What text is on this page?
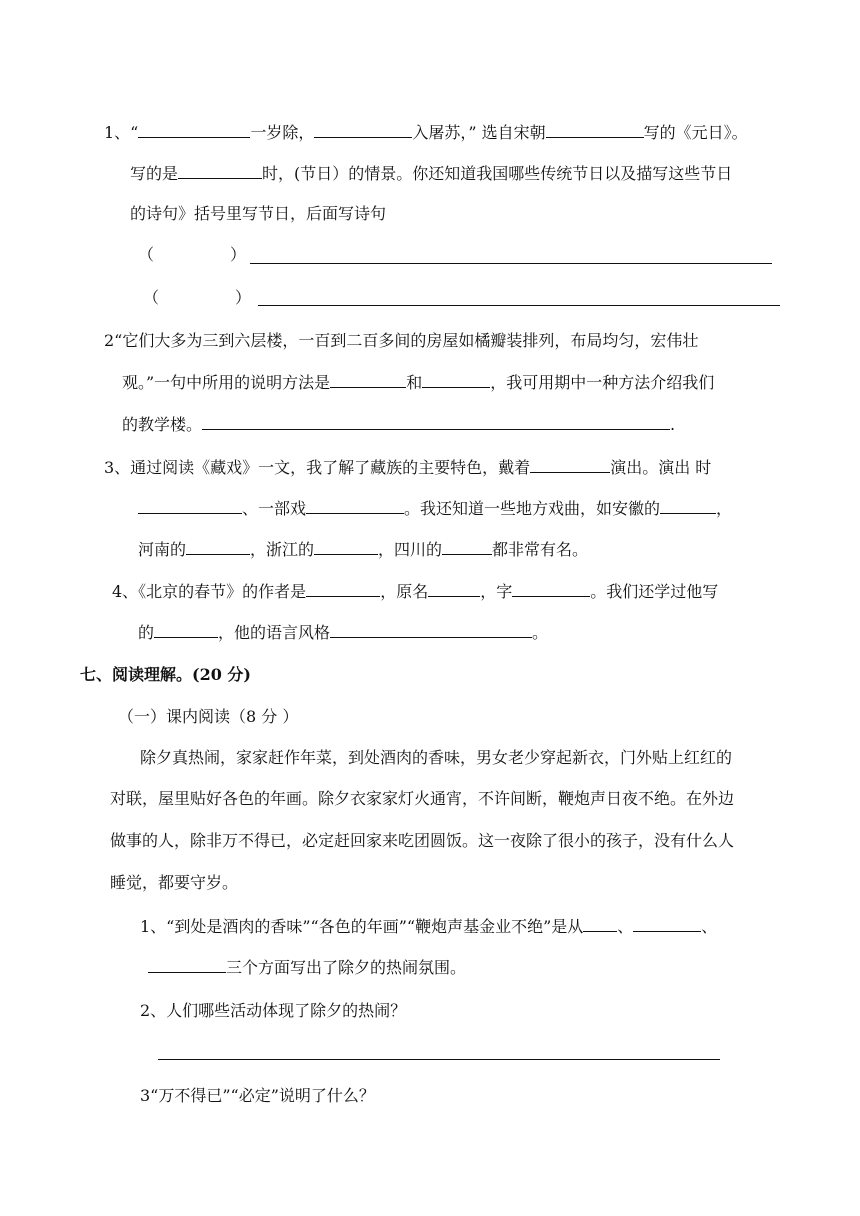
1、“	一岁除，	入屠苏，” 选自宋朝	写的《元日》。
写的是	时，(节日）的情景。你还知道我国哪些传统节日以及描写这些节日
的诗句》括号里写节日，后面写诗句
（	）
（	）
2“它们大多为三到六层楼，一百到二百多间的房屋如橘瓣装排列，布局均匀，宏伟壮
观。”一句中所用的说明方法是	和	，我可用期中一种方法介绍我们
的教学楼。	.
3、通过阅读《藏戏》一文，我了解了藏族的主要特色，戴着	演出。演出 时
、一部戏	。我还知道一些地方戏曲，如安徽的	，
河南的	，浙江的	，四川的	都非常有名。
4、《北京的春节》的作者是	，原名	，字	。我们还学过他写
的	，他的语言风格	。
七、阅读理解。(20 分)
（一）课内阅读（8 分 ）
除夕真热闹，家家赶作年菜，到处酒肉的香味，男女老少穿起新衣，门外贴上红红的
对联，屋里贴好各色的年画。除夕衣家家灯火通宵，不许间断，鞭炮声日夜不绝。在外边
做事的人，除非万不得已，必定赶回家来吃团圆饭。这一夜除了很小的孩子，没有什么人
睡觉，都要守岁。
1、“到处是酒肉的香味”“各色的年画”“鞭炮声基金业不绝”是从 、	、
三个方面写出了除夕的热闹氛围。
2、人们哪些活动体现了除夕的热闹？
3“万不得已”“必定”说明了什么？
